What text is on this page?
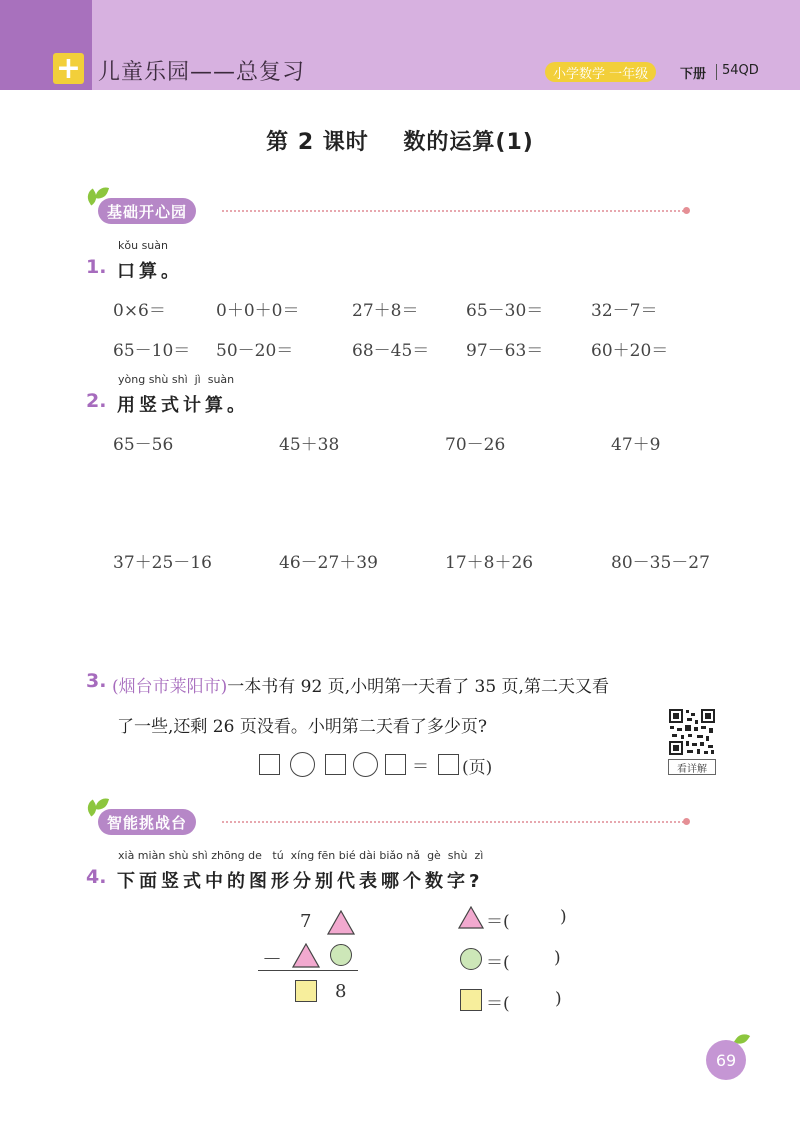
+ 儿童乐园——总复习	小学数学 一年级	下册 54QD
第 2 课时    数的运算(1)
基础开心园
kǒu suàn
1. 口算。
0×6＝	0＋0＋0＝	27＋8＝	65－30＝	32－7＝
65－10＝ 50－20＝	68－45＝ 97－63＝	60＋20＝
yòng shù shì  jì  suàn
2. 用竖式计算。
65－56	45＋38	70－26	47＋9
37＋25－16	46－27＋39	17＋8＋26	80－35－27
3. (烟台市莱阳市)一本书有 92 页,小明第一天看了 35 页,第二天又看
了一些,还剩 26 页没看。小明第二天看了多少页?
＝ (页)	看详解
智能挑战台
xià miàn shù shì zhōng de   tú  xíng fēn bié dài biǎo nǎ  gè  shù  zì
4. 下面竖式中的图形分别代表哪个数字?
7
－
8
＝(	)
＝(	)
＝(	)
69
